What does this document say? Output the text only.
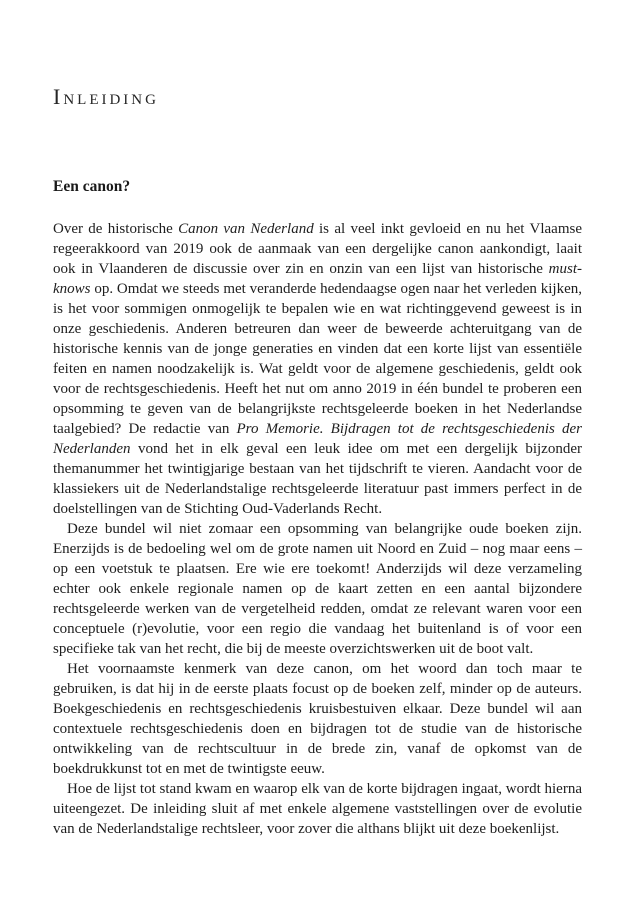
Inleiding
Een canon?

Over de historische Canon van Nederland is al veel inkt gevloeid en nu het Vlaamse regeerakkoord van 2019 ook de aanmaak van een dergelijke canon aankondigt, laait ook in Vlaanderen de discussie over zin en onzin van een lijst van historische must-knows op. Omdat we steeds met veranderde hedendaagse ogen naar het verleden kijken, is het voor sommigen onmogelijk te bepalen wie en wat richtinggevend geweest is in onze geschiedenis. Anderen betreuren dan weer de beweerde achteruitgang van de historische kennis van de jonge generaties en vinden dat een korte lijst van essentiële feiten en namen noodzakelijk is. Wat geldt voor de algemene geschiedenis, geldt ook voor de rechtsgeschiedenis. Heeft het nut om anno 2019 in één bundel te proberen een opsomming te geven van de belangrijkste rechtsgeleerde boeken in het Nederlandse taalgebied? De redactie van Pro Memorie. Bijdragen tot de rechtsgeschiedenis der Nederlanden vond het in elk geval een leuk idee om met een dergelijk bijzonder themanummer het twintigjarige bestaan van het tijdschrift te vieren. Aandacht voor de klassiekers uit de Nederlandstalige rechtsgeleerde literatuur past immers perfect in de doelstellingen van de Stichting Oud-Vaderlands Recht.

Deze bundel wil niet zomaar een opsomming van belangrijke oude boeken zijn. Enerzijds is de bedoeling wel om de grote namen uit Noord en Zuid – nog maar eens – op een voetstuk te plaatsen. Ere wie ere toekomt! Anderzijds wil deze verzameling echter ook enkele regionale namen op de kaart zetten en een aantal bijzondere rechtsgeleerde werken van de vergetelheid redden, omdat ze relevant waren voor een conceptuele (r)evolutie, voor een regio die vandaag het buitenland is of voor een specifieke tak van het recht, die bij de meeste overzichtswerken uit de boot valt.

Het voornaamste kenmerk van deze canon, om het woord dan toch maar te gebruiken, is dat hij in de eerste plaats focust op de boeken zelf, minder op de auteurs. Boekgeschiedenis en rechtsgeschiedenis kruisbestuiven elkaar. Deze bundel wil aan contextuele rechtsgeschiedenis doen en bijdragen tot de studie van de historische ontwikkeling van de rechtscultuur in de brede zin, vanaf de opkomst van de boekdrukkunst tot en met de twintigste eeuw.

Hoe de lijst tot stand kwam en waarop elk van de korte bijdragen ingaat, wordt hierna uiteengezet. De inleiding sluit af met enkele algemene vaststellingen over de evolutie van de Nederlandstalige rechtsleer, voor zover die althans blijkt uit deze boekenlijst.
